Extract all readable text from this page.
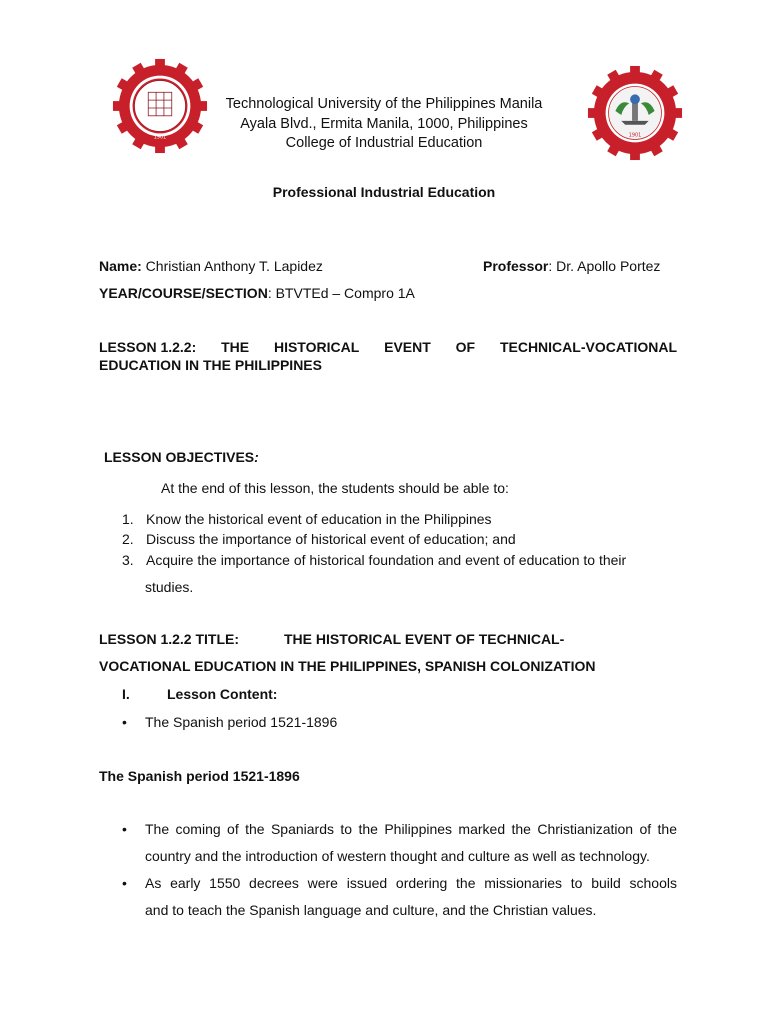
1901	1901
Technological University of the Philippines Manila
Ayala Blvd., Ermita Manila, 1000, Philippines
College of Industrial Education
Professional Industrial Education
Name: Christian Anthony T. Lapidez	Professor: Dr. Apollo Portez
YEAR/COURSE/SECTION: BTVTEd – Compro 1A
LESSON 1.2.2: THE HISTORICAL EVENT OF TECHNICAL-VOCATIONAL
EDUCATION IN THE PHILIPPINES
LESSON OBJECTIVES:
At the end of this lesson, the students should be able to:
1. Know the historical event of education in the Philippines
2. Discuss the importance of historical event of education; and
3. Acquire the importance of historical foundation and event of education to their
studies.
LESSON 1.2.2 TITLE:	THE HISTORICAL EVENT OF TECHNICAL-
VOCATIONAL EDUCATION IN THE PHILIPPINES, SPANISH COLONIZATION
I.	Lesson Content:
• The Spanish period 1521-1896
The Spanish period 1521-1896
• The coming of the Spaniards to the Philippines marked the Christianization of the
country and the introduction of western thought and culture as well as technology.
• As early 1550 decrees were issued ordering the missionaries to build schools
and to teach the Spanish language and culture, and the Christian values.
